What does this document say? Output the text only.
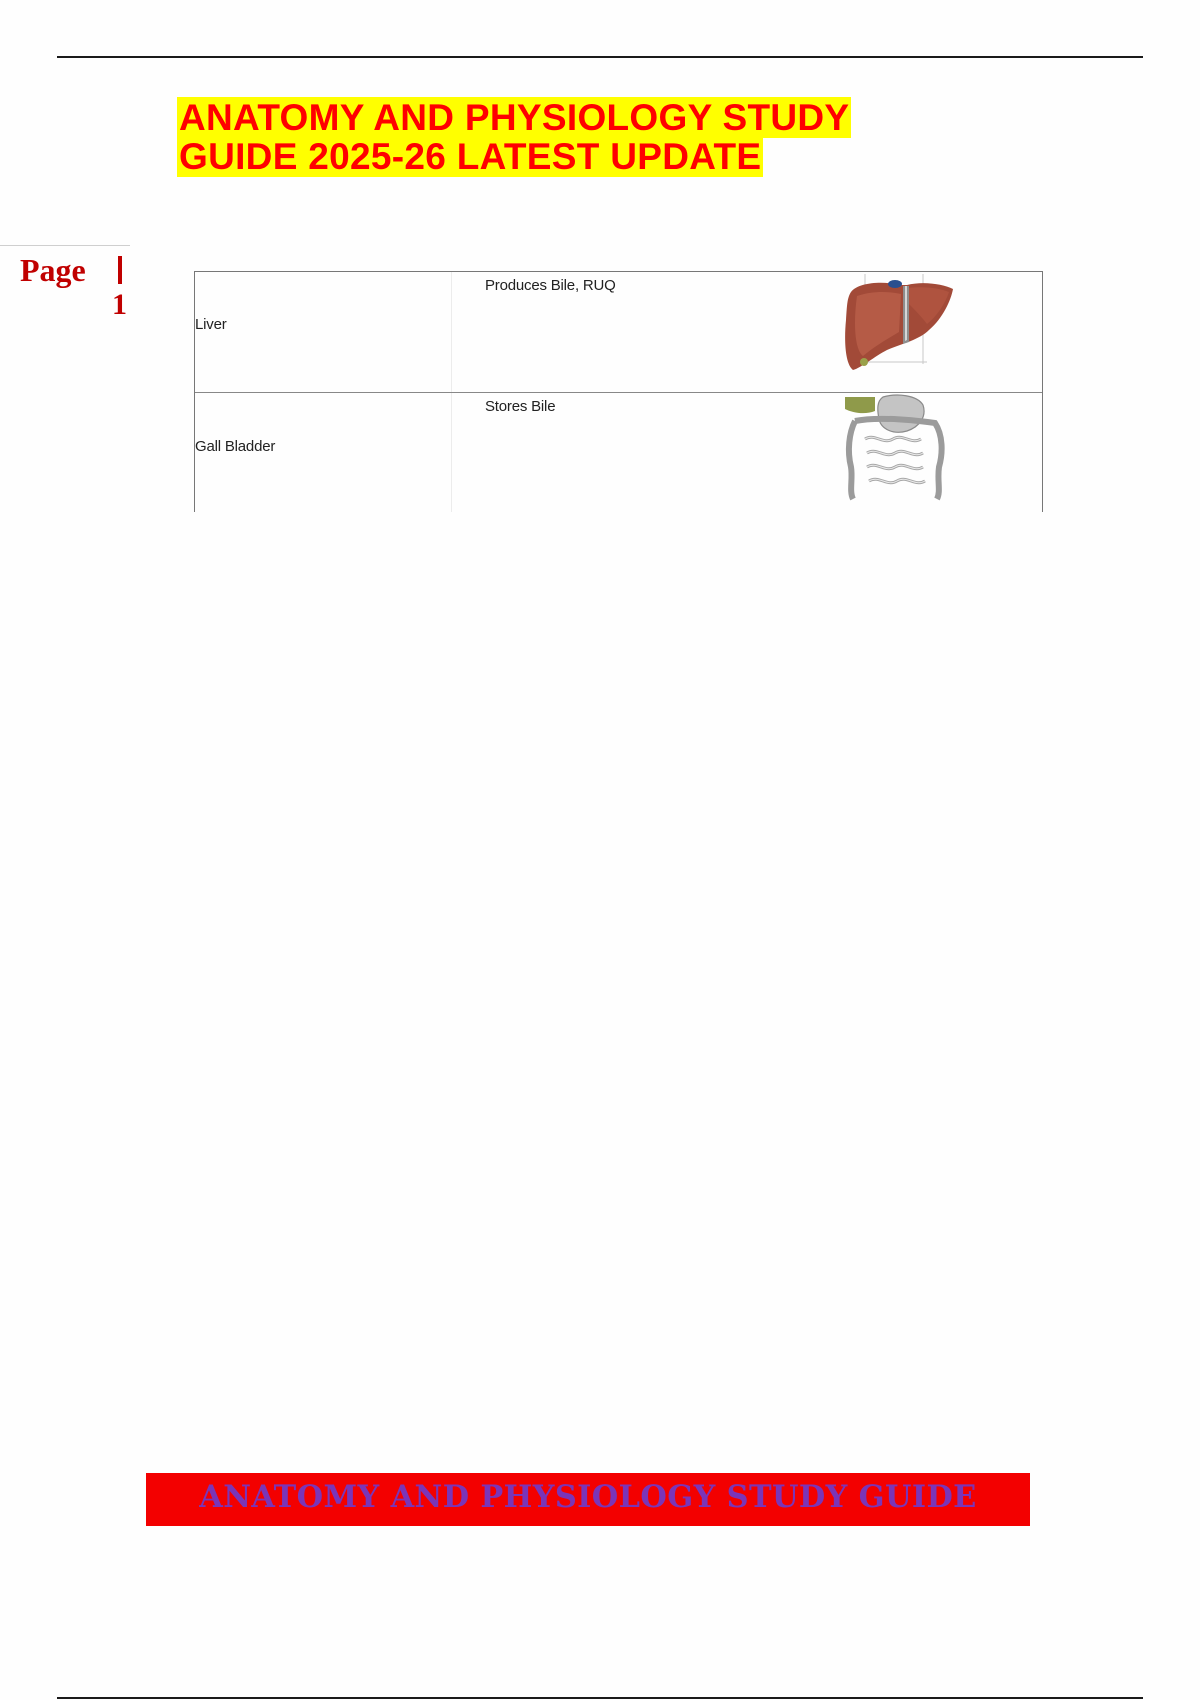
ANATOMY AND PHYSIOLOGY STUDY GUIDE 2025-26 LATEST UPDATE
Page
1
Liver
Produces Bile, RUQ
Gall Bladder
Stores Bile
ANATOMY AND PHYSIOLOGY STUDY GUIDE
